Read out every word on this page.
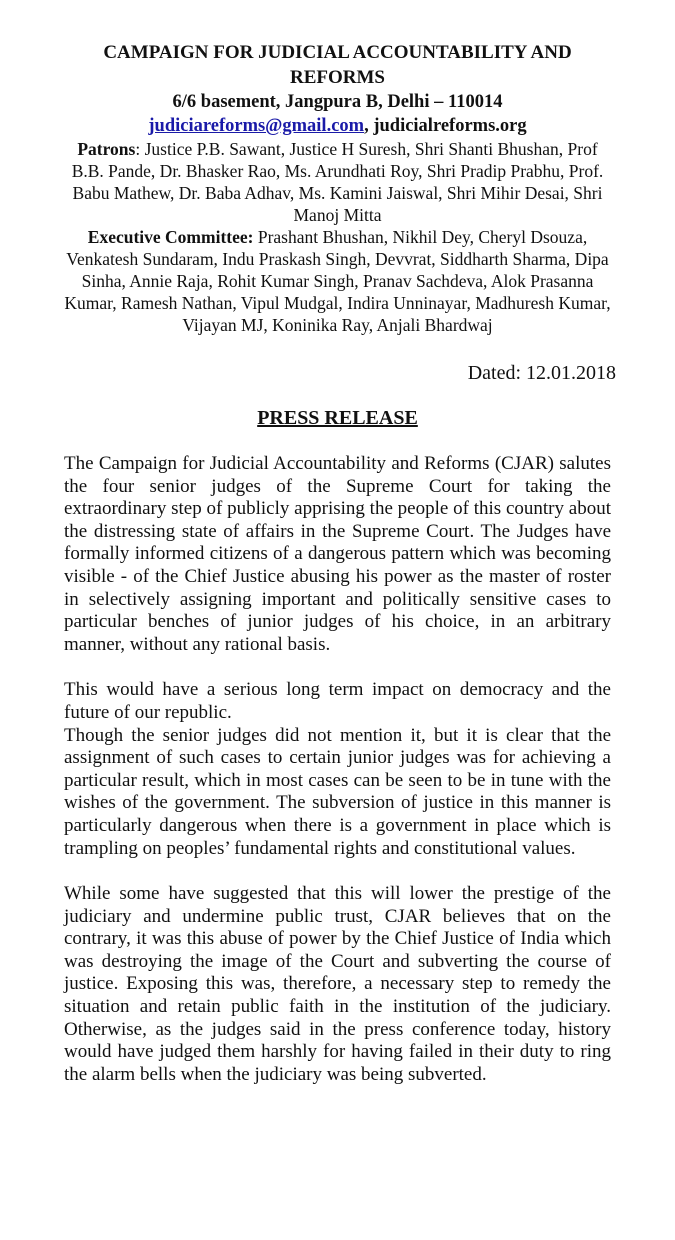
CAMPAIGN FOR JUDICIAL ACCOUNTABILITY AND REFORMS
6/6 basement, Jangpura B, Delhi – 110014
judiciareforms@gmail.com, judicialreforms.org
Patrons: Justice P.B. Sawant, Justice H Suresh, Shri Shanti Bhushan, Prof B.B. Pande, Dr. Bhasker Rao, Ms. Arundhati Roy, Shri Pradip Prabhu, Prof. Babu Mathew, Dr. Baba Adhav, Ms. Kamini Jaiswal, Shri Mihir Desai, Shri Manoj Mitta
Executive Committee: Prashant Bhushan, Nikhil Dey, Cheryl Dsouza, Venkatesh Sundaram, Indu Praskash Singh, Devvrat, Siddharth Sharma, Dipa Sinha, Annie Raja, Rohit Kumar Singh, Pranav Sachdeva, Alok Prasanna Kumar, Ramesh Nathan, Vipul Mudgal, Indira Unninayar, Madhuresh Kumar, Vijayan MJ, Koninika Ray, Anjali Bhardwaj
Dated: 12.01.2018
PRESS RELEASE

The Campaign for Judicial Accountability and Reforms (CJAR) salutes the four senior judges of the Supreme Court for taking the extraordinary step of publicly apprising the people of this country about the distressing state of affairs in the Supreme Court. The Judges have formally informed citizens of a dangerous pattern which was becoming visible - of the Chief Justice abusing his power as the master of roster in selectively assigning important and politically sensitive cases to particular benches of junior judges of his choice, in an arbitrary manner, without any rational basis.

This would have a serious long term impact on democracy and the future of our republic.

Though the senior judges did not mention it, but it is clear that the assignment of such cases to certain junior judges was for achieving a particular result, which in most cases can be seen to be in tune with the wishes of the government. The subversion of justice in this manner is particularly dangerous when there is a government in place which is trampling on peoples’ fundamental rights and constitutional values.

While some have suggested that this will lower the prestige of the judiciary and undermine public trust, CJAR believes that on the contrary, it was this abuse of power by the Chief Justice of India which was destroying the image of the Court and subverting the course of justice. Exposing this was, therefore, a necessary step to remedy the situation and retain public faith in the institution of the judiciary. Otherwise, as the judges said in the press conference today, history would have judged them harshly for having failed in their duty to ring the alarm bells when the judiciary was being subverted.
